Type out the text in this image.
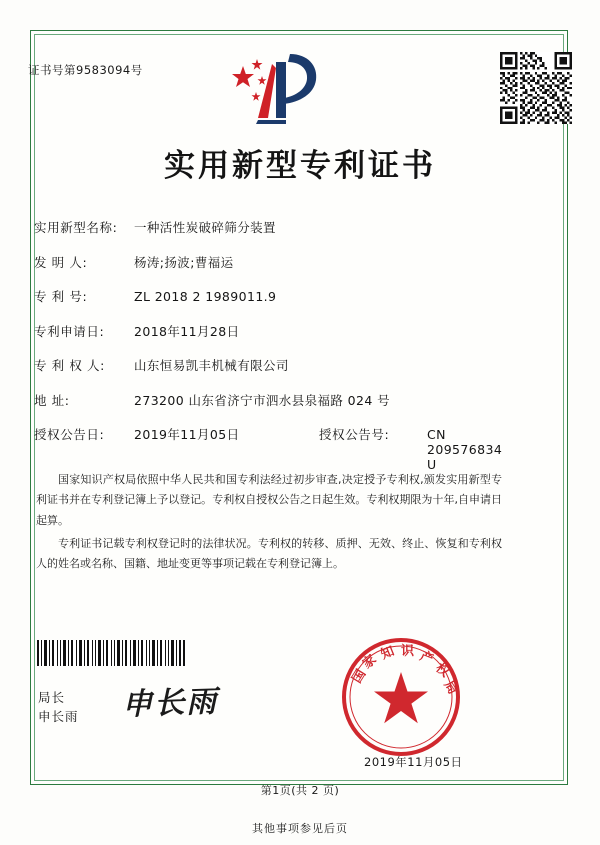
证书号第9583094号
实用新型专利证书
实用新型名称:	一种活性炭破碎筛分装置
发 明 人:	杨涛;扬波;曹福运
专 利 号:	ZL 2018 2 1989011.9
专利申请日:	2018年11月28日
专 利 权 人:	山东恒易凯丰机械有限公司
地 址:	273200 山东省济宁市泗水县泉福路 024 号
授权公告日:	2019年11月05日	授权公告号:	CN 209576834 U

国家知识产权局依照中华人民共和国专利法经过初步审查,决定授予专利权,颁发实用新型专利证书并在专利登记簿上予以登记。专利权自授权公告之日起生效。专利权期限为十年,自申请日起算。

专利证书记载专利权登记时的法律状况。专利权的转移、质押、无效、终止、恢复和专利权人的姓名或名称、国籍、地址变更等事项记载在专利登记簿上。

局长
申长雨 申长雨
国
家 知 识 产
权
局
2019年11月05日
第1页(共 2 页)
其他事项参见后页
